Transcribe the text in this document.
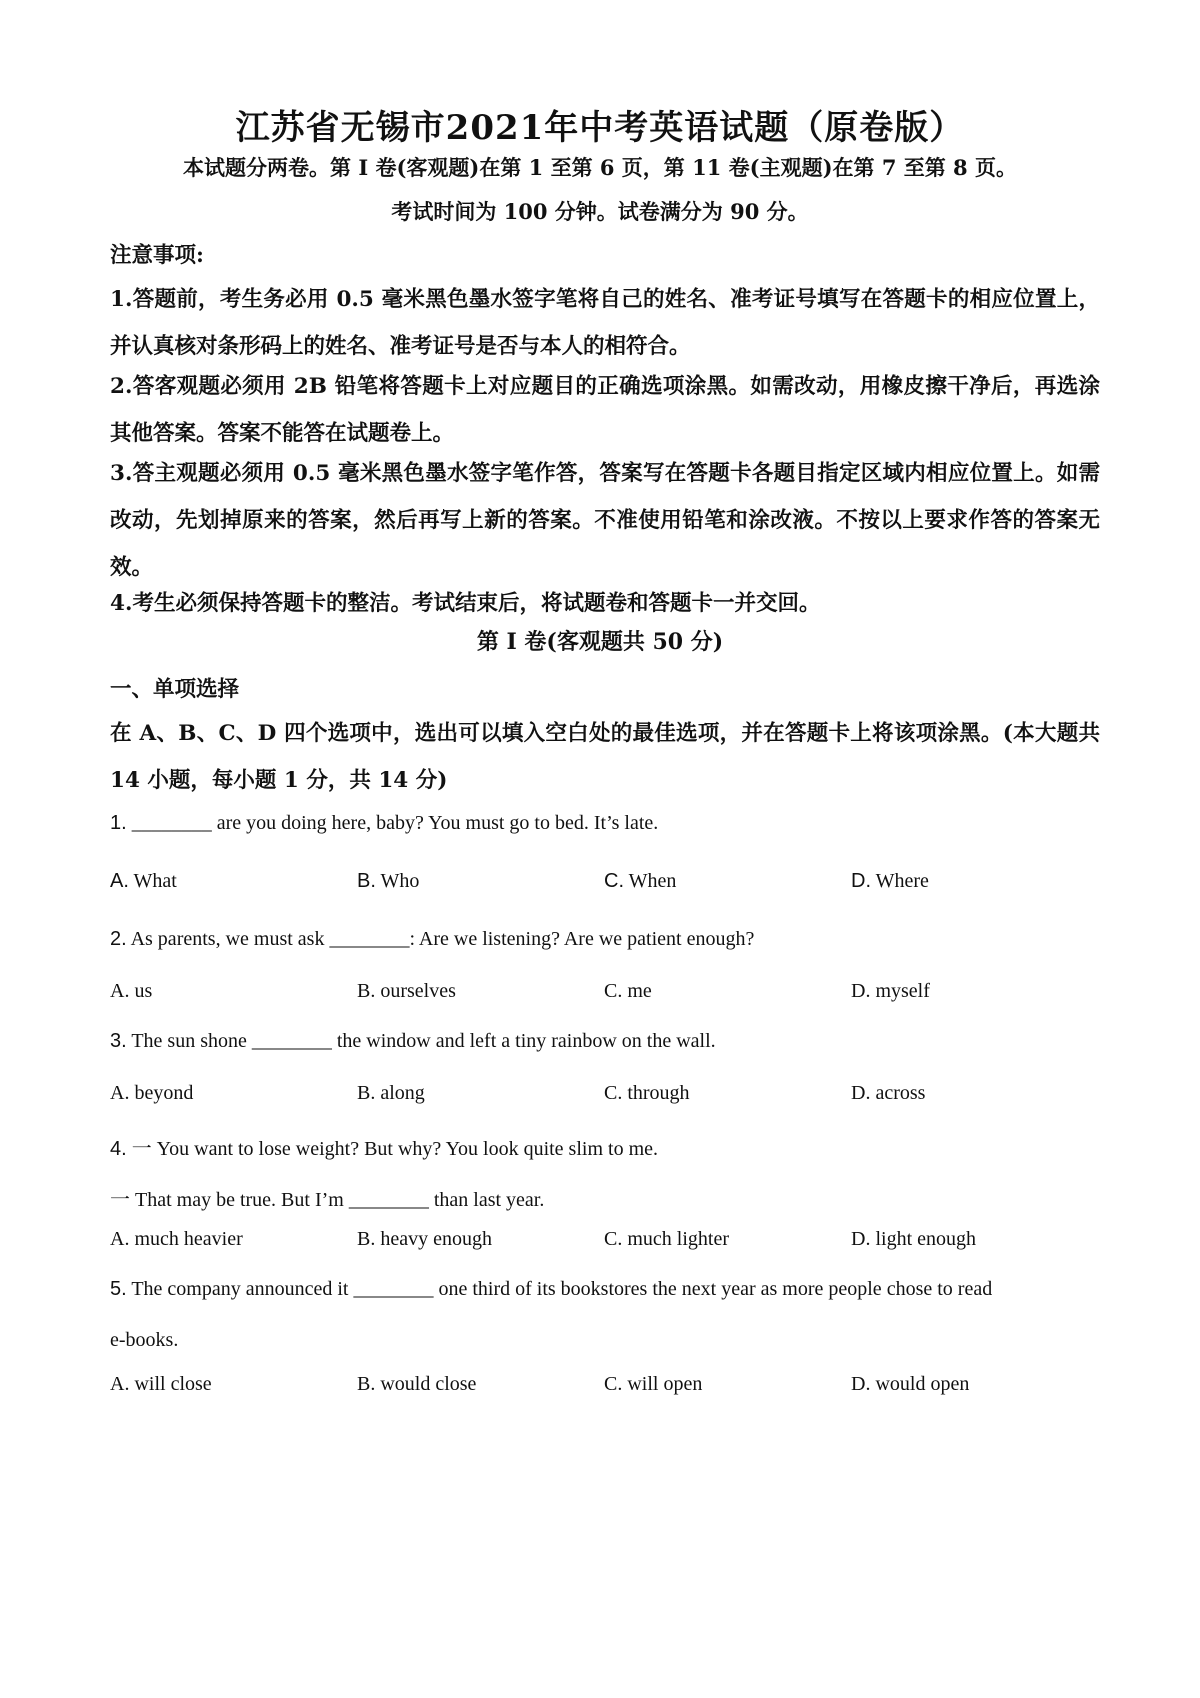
江苏省无锡市2021年中考英语试题（原卷版）
本试题分两卷。第 I 卷(客观题)在第 1 至第 6 页，第 11 卷(主观题)在第 7 至第 8 页。
考试时间为 100 分钟。试卷满分为 90 分。
注意事项:
1.答题前，考生务必用 0.5 毫米黑色墨水签字笔将自己的姓名、准考证号填写在答题卡的相应位置上，并认真核对条形码上的姓名、准考证号是否与本人的相符合。
2.答客观题必须用 2B 铅笔将答题卡上对应题目的正确选项涂黑。如需改动，用橡皮擦干净后，再选涂其他答案。答案不能答在试题卷上。
3.答主观题必须用 0.5 毫米黑色墨水签字笔作答，答案写在答题卡各题目指定区域内相应位置上。如需改动，先划掉原来的答案，然后再写上新的答案。不准使用铅笔和涂改液。不按以上要求作答的答案无效。
4.考生必须保持答题卡的整洁。考试结束后，将试题卷和答题卡一并交回。
第 I 卷(客观题共 50 分)
一、单项选择
在 A、B、C、D 四个选项中，选出可以填入空白处的最佳选项，并在答题卡上将该项涂黑。(本大题共 14 小题，每小题 1 分，共 14 分)
1. ________ are you doing here, baby? You must go to bed. It’s late.
A. What	B. Who	C. When	D. Where
2. As parents, we must ask ________: Are we listening? Are we patient enough?
A. us	B. ourselves	C. me	D. myself
3. The sun shone ________ the window and left a tiny rainbow on the wall.
A. beyond	B. along	C. through	D. across
4. 一 You want to lose weight? But why? You look quite slim to me.
一 That may be true. But I’m ________ than last year.
A. much heavier	B. heavy enough	C. much lighter	D. light enough
5. The company announced it ________ one third of its bookstores the next year as more people chose to read
e-books.
A. will close	B. would close	C. will open	D. would open
